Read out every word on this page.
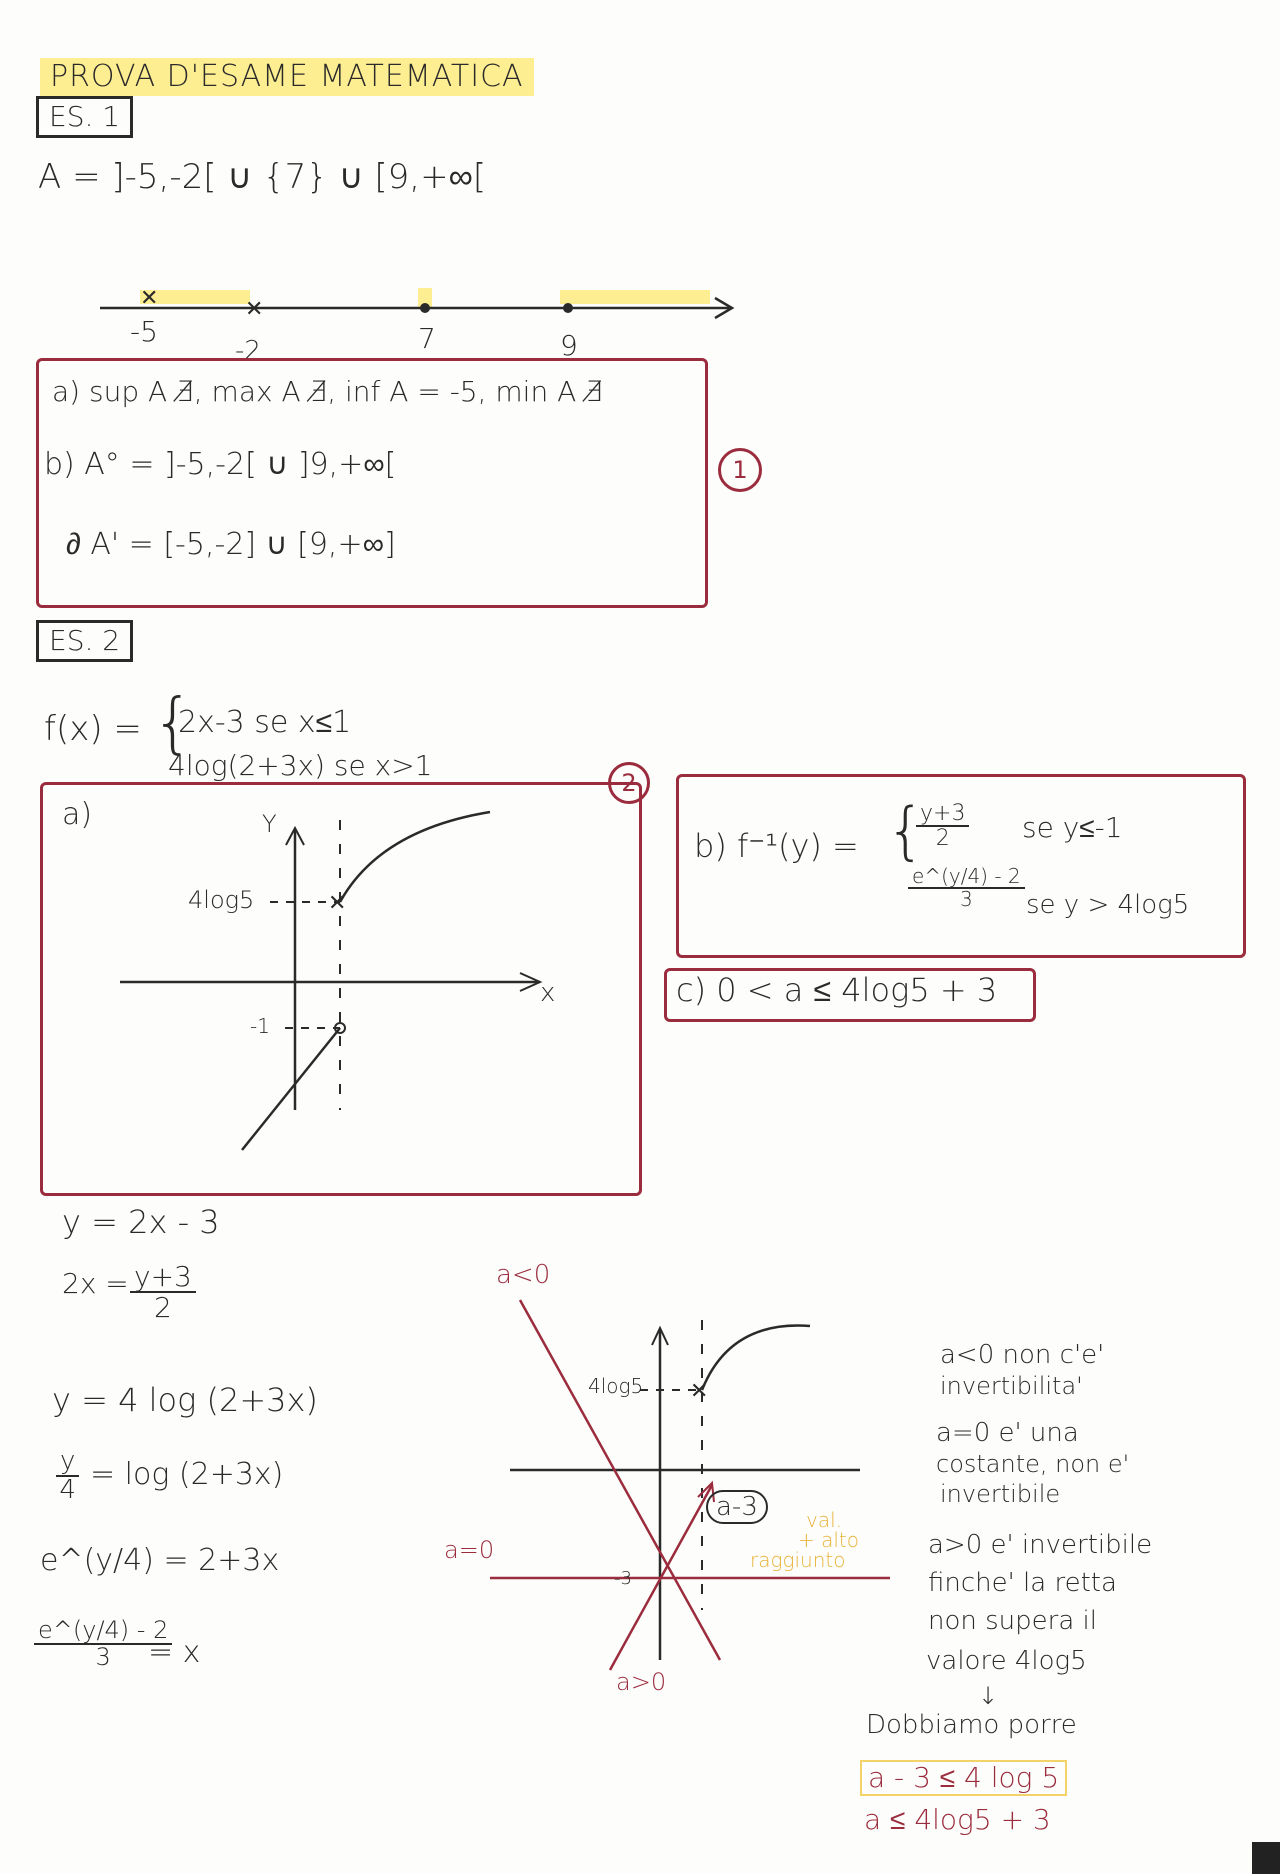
PROVA D'ESAME MATEMATICA
ES. 1
A = ]-5,-2[ ∪ {7} ∪ [9,+∞[
✕	✕
-5
-2	7	9
a) sup A ∄, max A ∄, inf A = -5, min A ∄
b) A° = ]-5,-2[ ∪ ]9,+∞[
∂ A' = [-5,-2] ∪ [9,+∞]
1
ES. 2
f(x) = {
2x-3 se x≤1
4log(2+3x) se x>1
a)
✕
Y
x
4log5
-1
2
b) f⁻¹(y) = {
$\frac{y+3}{2}$ se y≤-1
$\frac{e\^{}(y/4) - 2}{3}$ se y > 4log5
c) 0 < a ≤ 4log5 + 3
y = 2x - 3
$2x = \frac{y+3}{2}$
y = 4 log (2+3x)
$\frac{y}{4} = \log (2+3x)$
e^(y/4) = 2+3x
$\frac{e\^{}(y/4) - 2}{3}$
= x
✕
a<0
a=0
a>0
4log5
-3
a-3	val.
+ alto
raggiunto
a<0 non c'e'
invertibilita'
a=0 e' una
costante, non e'
invertibile
a>0 e' invertibile
finche' la retta
non supera il
valore 4log5
↓
Dobbiamo porre
a - 3 ≤ 4 log 5
a ≤ 4log5 + 3
